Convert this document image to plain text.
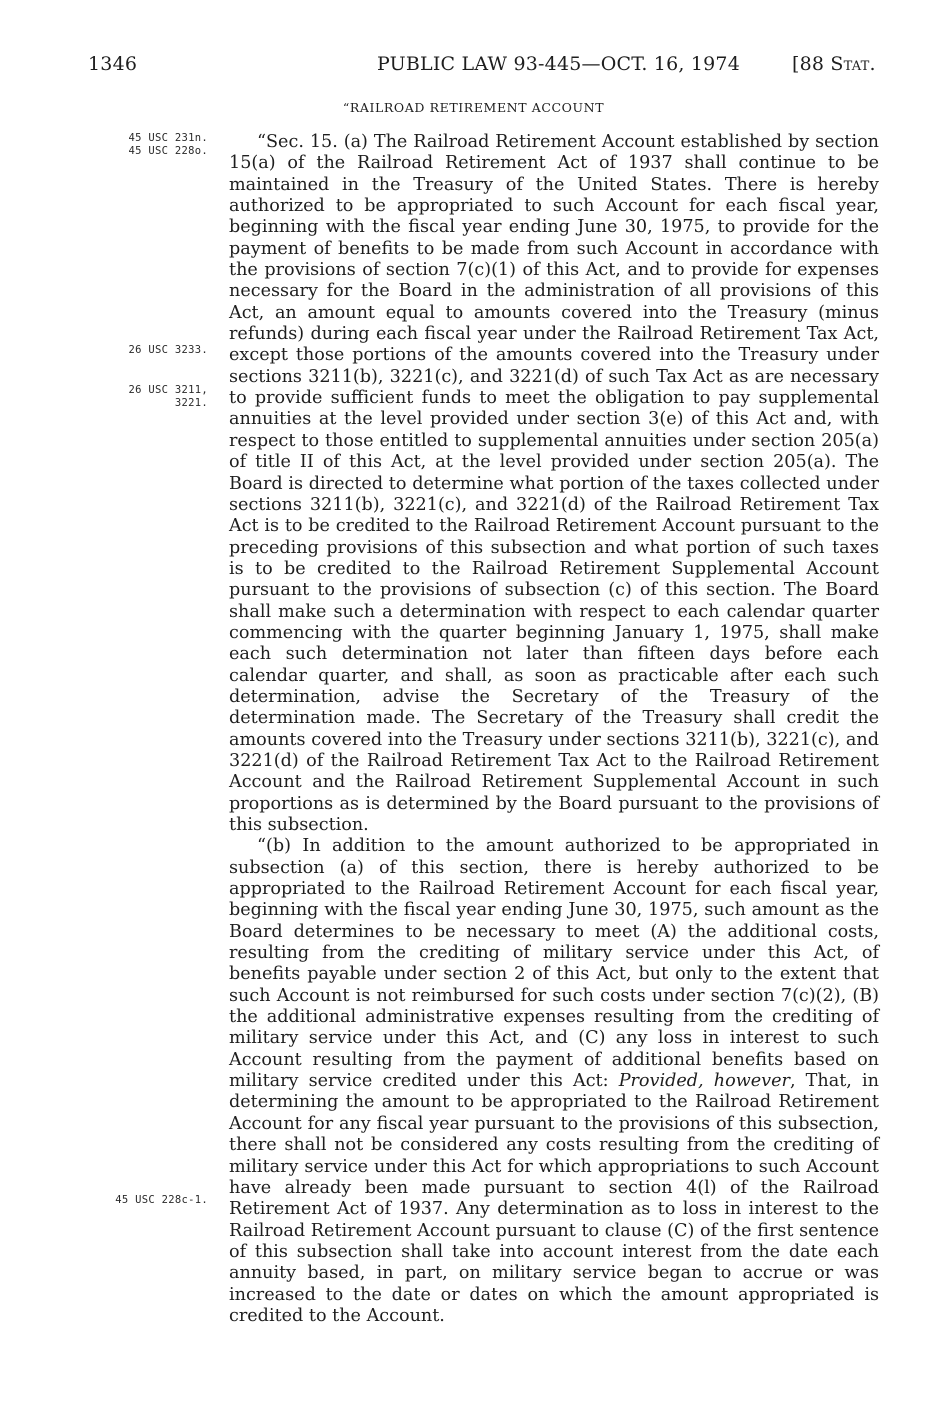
1346	PUBLIC LAW 93-445—OCT. 16, 1974	[88 Stat.
“RAILROAD RETIREMENT ACCOUNT
45 USC 231n.
45 USC 228o.
26 USC 3233.
26 USC 3211,
3221.
45 USC 228c-1.

“Sec. 15. (a) The Railroad Retirement Account established by section 15(a) of the Railroad Retirement Act of 1937 shall continue to be maintained in the Treasury of the United States. There is hereby authorized to be appropriated to such Account for each fiscal year, beginning with the fiscal year ending June 30, 1975, to provide for the payment of benefits to be made from such Account in accordance with the provisions of section 7(c)(1) of this Act, and to provide for expenses necessary for the Board in the administration of all provisions of this Act, an amount equal to amounts covered into the Treasury (minus refunds) during each fiscal year under the Railroad Retirement Tax Act, except those portions of the amounts covered into the Treasury under sections 3211(b), 3221(c), and 3221(d) of such Tax Act as are necessary to provide sufficient funds to meet the obligation to pay supplemental annuities at the level provided under section 3(e) of this Act and, with respect to those entitled to supplemental annuities under section 205(a) of title II of this Act, at the level provided under section 205(a). The Board is directed to determine what portion of the taxes collected under sections 3211(b), 3221(c), and 3221(d) of the Railroad Retirement Tax Act is to be credited to the Railroad Retirement Account pursuant to the preceding provisions of this subsection and what portion of such taxes is to be credited to the Railroad Retirement Supplemental Account pursuant to the provisions of subsection (c) of this section. The Board shall make such a determination with respect to each calendar quarter commencing with the quarter beginning January 1, 1975, shall make each such determination not later than fifteen days before each calendar quarter, and shall, as soon as practicable after each such determination, advise the Secretary of the Treasury of the determination made. The Secretary of the Treasury shall credit the amounts covered into the Treasury under sections 3211(b), 3221(c), and 3221(d) of the Railroad Retirement Tax Act to the Railroad Retirement Account and the Railroad Retirement Supplemental Account in such proportions as is determined by the Board pursuant to the provisions of this subsection.

“(b) In addition to the amount authorized to be appropriated in subsection (a) of this section, there is hereby authorized to be appropriated to the Railroad Retirement Account for each fiscal year, beginning with the fiscal year ending June 30, 1975, such amount as the Board determines to be necessary to meet (A) the additional costs, resulting from the crediting of military service under this Act, of benefits payable under section 2 of this Act, but only to the extent that such Account is not reimbursed for such costs under section 7(c)(2), (B) the additional administrative expenses resulting from the crediting of military service under this Act, and (C) any loss in interest to such Account resulting from the payment of additional benefits based on military service credited under this Act: Provided, however, That, in determining the amount to be appropriated to the Railroad Retirement Account for any fiscal year pursuant to the provisions of this subsection, there shall not be considered any costs resulting from the crediting of military service under this Act for which appropriations to such Account have already been made pursuant to section 4(l) of the Railroad Retirement Act of 1937. Any determination as to loss in interest to the Railroad Retirement Account pursuant to clause (C) of the first sentence of this subsection shall take into account interest from the date each annuity based, in part, on military service began to accrue or was increased to the date or dates on which the amount appropriated is credited to the Account.
